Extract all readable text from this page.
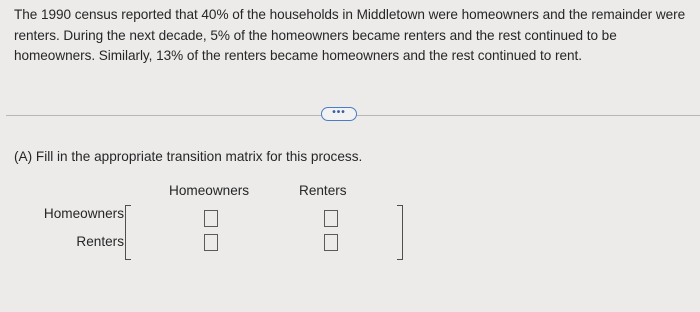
The 1990 census reported that 40% of the households in Middletown were homeowners and the remainder were renters. During the next decade, 5% of the homeowners became renters and the rest continued to be homeowners. Similarly, 13% of the renters became homeowners and the rest continued to rent.
•••
(A) Fill in the appropriate transition matrix for this process.
Homeowners	Renters
Homeowners
Renters
